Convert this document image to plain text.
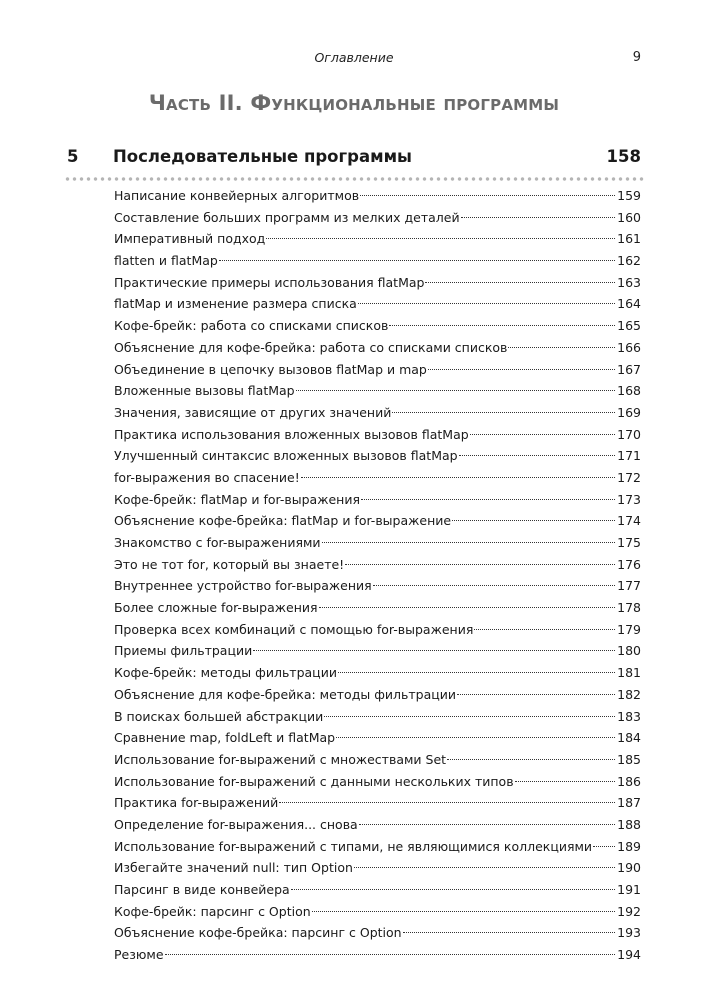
Оглавление	9
Часть II. Функциональные программы
5 Последовательные программы	158
Написание конвейерных алгоритмов	159
Составление больших программ из мелких деталей	160
Императивный подход	161
flatten и flatMap	162
Практические примеры использования flatMap	163
flatMap и изменение размера списка	164
Кофе-брейк: работа со списками списков	165
Объяснение для кофе-брейка: работа со списками списков	166
Объединение в цепочку вызовов flatMap и map	167
Вложенные вызовы flatMap	168
Значения, зависящие от других значений	169
Практика использования вложенных вызовов flatMap	170
Улучшенный синтаксис вложенных вызовов flatMap	171
for-выражения во спасение!	172
Кофе-брейк: flatMap и for-выражения	173
Объяснение кофе-брейка: flatMap и for-выражение	174
Знакомство с for-выражениями	175
Это не тот for, который вы знаете!	176
Внутреннее устройство for-выражения	177
Более сложные for-выражения	178
Проверка всех комбинаций с помощью for-выражения	179
Приемы фильтрации	180
Кофе-брейк: методы фильтрации	181
Объяснение для кофе-брейка: методы фильтрации	182
В поисках большей абстракции	183
Сравнение map, foldLeft и flatMap	184
Использование for-выражений с множествами Set	185
Использование for-выражений с данными нескольких типов	186
Практика for-выражений	187
Определение for-выражения... снова	188
Использование for-выражений с типами, не являющимися коллекциями 189
Избегайте значений null: тип Option	190
Парсинг в виде конвейера	191
Кофе-брейк: парсинг с Option	192
Объяснение кофе-брейка: парсинг с Option	193
Резюме	194
